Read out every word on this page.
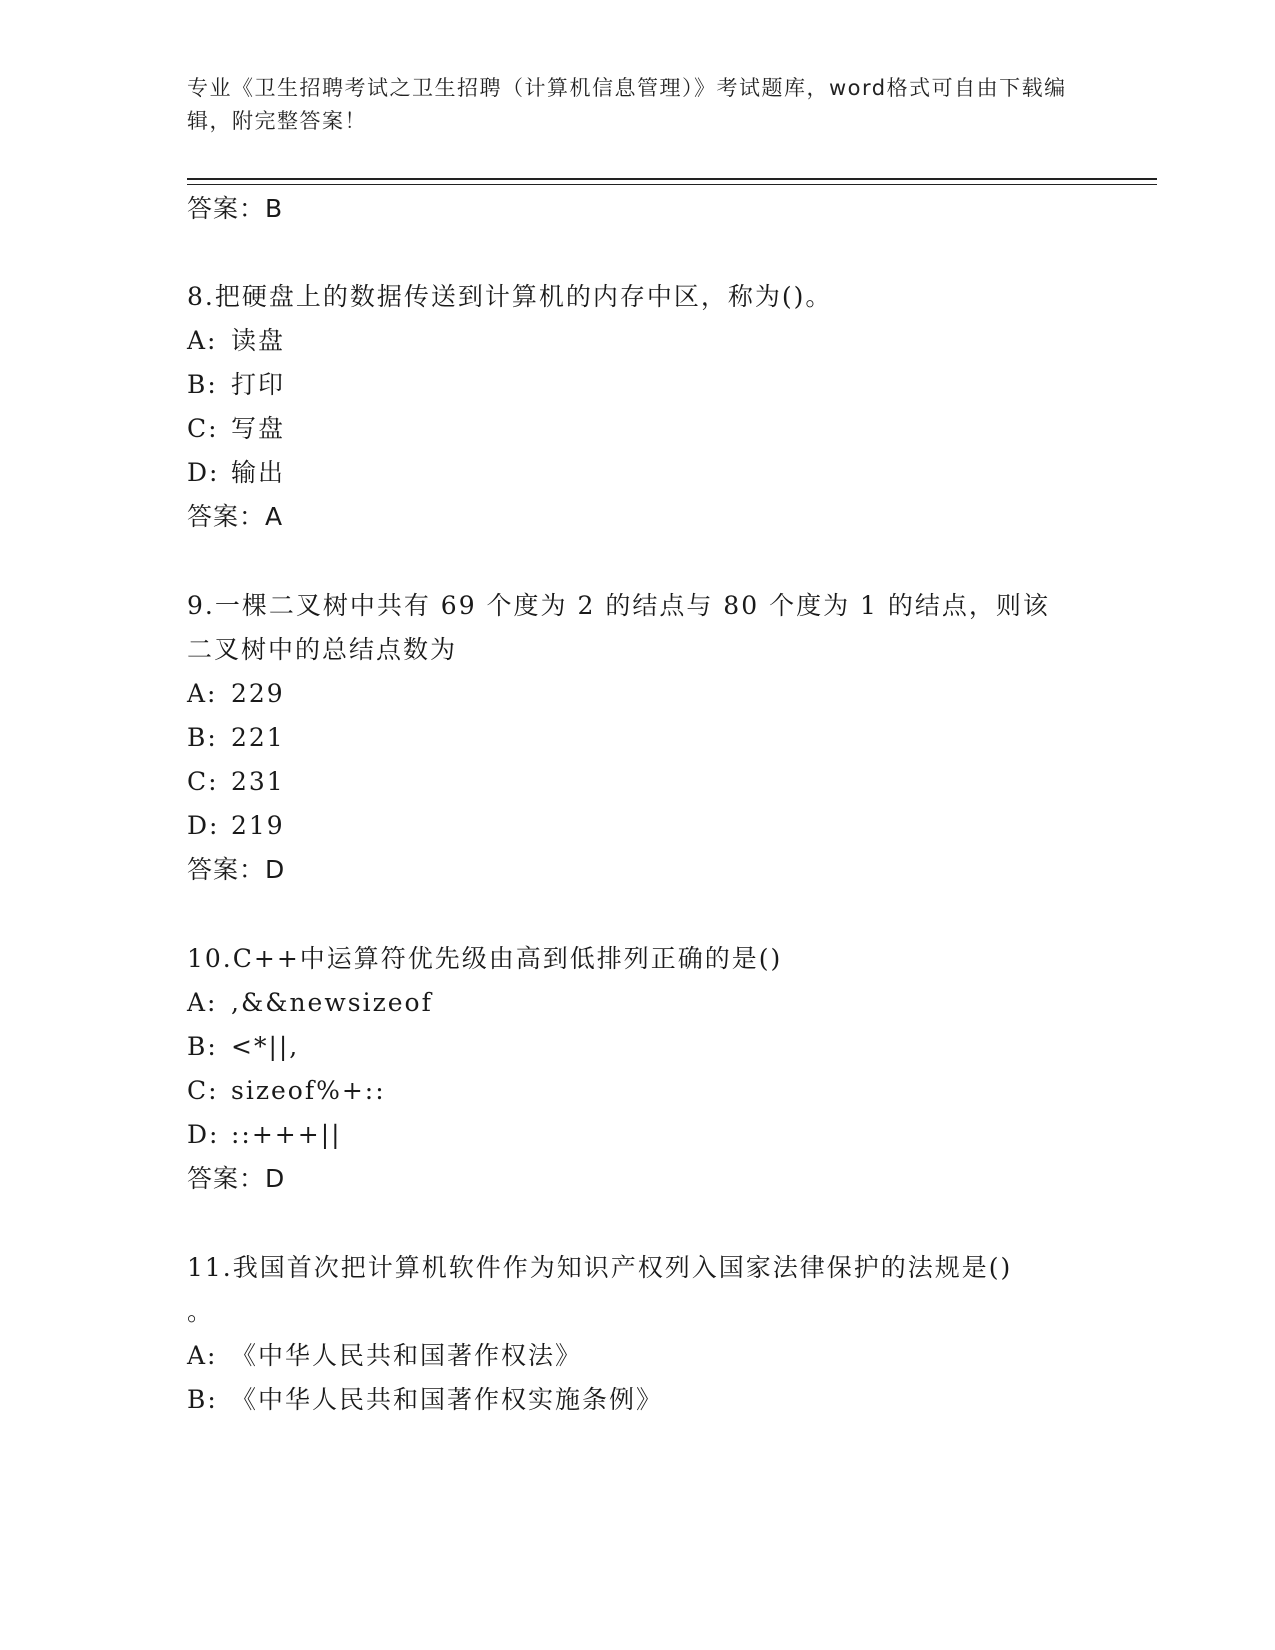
专业《卫生招聘考试之卫生招聘（计算机信息管理）》考试题库，word格式可自由下载编辑，附完整答案！
答案：B
8.把硬盘上的数据传送到计算机的内存中区，称为()。
A: 读盘
B: 打印
C: 写盘
D: 输出
答案：A
9.一棵二叉树中共有 69 个度为 2 的结点与 80 个度为 1 的结点，则该
二叉树中的总结点数为
A: 229
B: 221
C: 231
D: 219
答案：D
10.C++中运算符优先级由高到低排列正确的是()
A: ,&&newsizeof
B: <*||,
C: sizeof%+::
D: ::+++||
答案：D
11.我国首次把计算机软件作为知识产权列入国家法律保护的法规是()
。
A: 《中华人民共和国著作权法》
B: 《中华人民共和国著作权实施条例》
